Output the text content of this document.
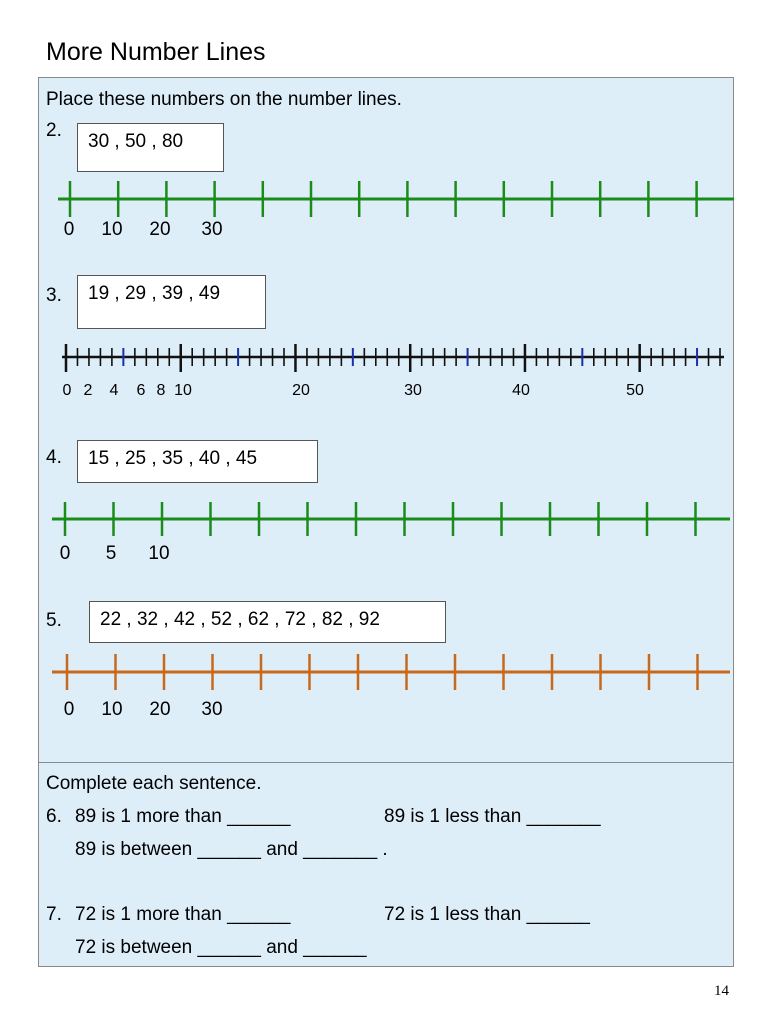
More Number Lines
Place these numbers on the number lines.
2.
30 , 50 , 80
0 10 20 30
3.	19 , 29 , 39 , 49
0 2 4 6 8 10	20	30	40	50
4.	15 , 25 , 35 , 40 , 45
0 5 10
5.	22 , 32 , 42 , 52 , 62 , 72 , 82 , 92
0 10 20 30
Complete each sentence.
6. 89 is 1 more than ______	89 is 1 less than _______
89 is between ______ and _______ .
7. 72 is 1 more than ______	72 is 1 less than ______
72 is between ______ and ______
14
